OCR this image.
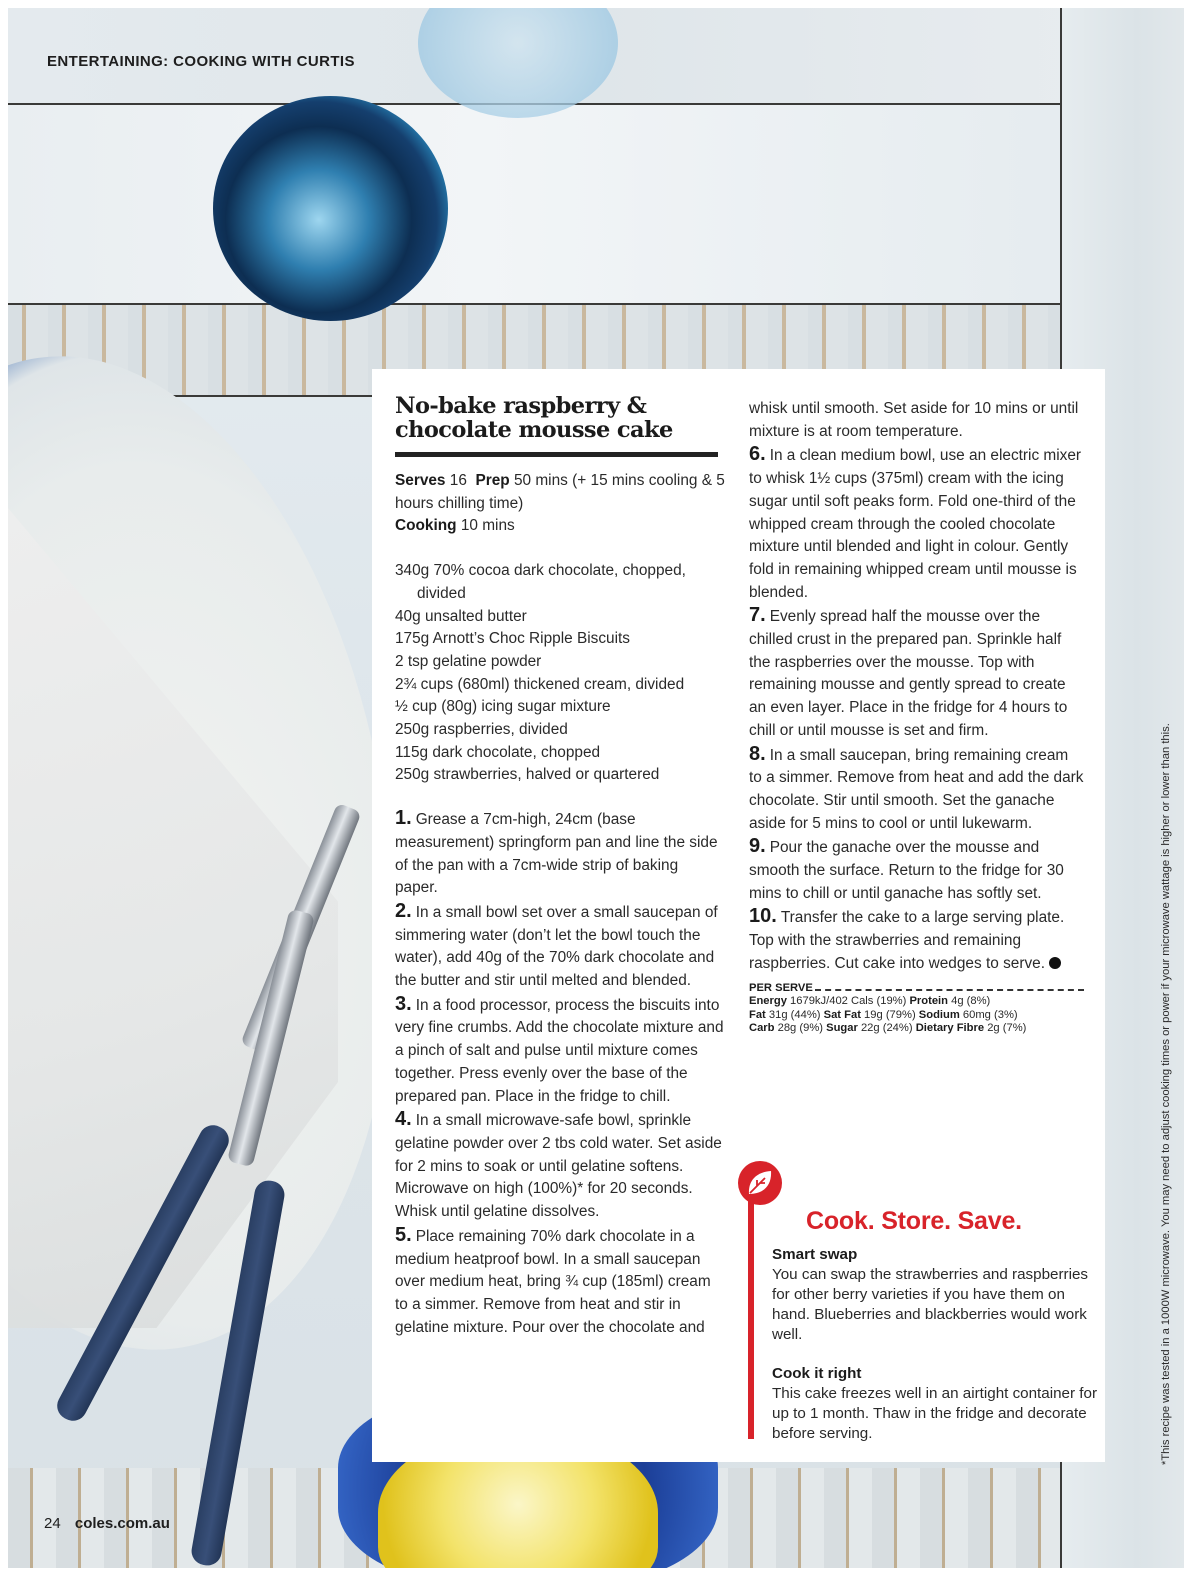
ENTERTAINING: COOKING WITH CURTIS
No-bake raspberry &
chocolate mousse cake
Serves 16 Prep 50 mins (+ 15 mins cooling & 5 hours chilling time)
Cooking 10 mins
340g 70% cocoa dark chocolate, chopped, divided
40g unsalted butter
175g Arnott’s Choc Ripple Biscuits
2 tsp gelatine powder
2¾ cups (680ml) thickened cream, divided
½ cup (80g) icing sugar mixture
250g raspberries, divided
115g dark chocolate, chopped
250g strawberries, halved or quartered
1. Grease a 7cm-high, 24cm (base measurement) springform pan and line the side of the pan with a 7cm-wide strip of baking paper.
2. In a small bowl set over a small saucepan of simmering water (don’t let the bowl touch the water), add 40g of the 70% dark chocolate and the butter and stir until melted and blended.
3. In a food processor, process the biscuits into very fine crumbs. Add the chocolate mixture and a pinch of salt and pulse until mixture comes together. Press evenly over the base of the prepared pan. Place in the fridge to chill.
4. In a small microwave-safe bowl, sprinkle gelatine powder over 2 tbs cold water. Set aside for 2 mins to soak or until gelatine softens. Microwave on high (100%)* for 20 seconds. Whisk until gelatine dissolves.
5. Place remaining 70% dark chocolate in a medium heatproof bowl. In a small saucepan over medium heat, bring ¾ cup (185ml) cream to a simmer. Remove from heat and stir in gelatine mixture. Pour over the chocolate and
whisk until smooth. Set aside for 10 mins or until mixture is at room temperature.
6. In a clean medium bowl, use an electric mixer to whisk 1½ cups (375ml) cream with the icing sugar until soft peaks form. Fold one-third of the whipped cream through the cooled chocolate mixture until blended and light in colour. Gently fold in remaining whipped cream until mousse is blended.
7. Evenly spread half the mousse over the chilled crust in the prepared pan. Sprinkle half the raspberries over the mousse. Top with remaining mousse and gently spread to create an even layer. Place in the fridge for 4 hours to chill or until mousse is set and firm.
8. In a small saucepan, bring remaining cream to a simmer. Remove from heat and add the dark chocolate. Stir until smooth. Set the ganache aside for 5 mins to cool or until lukewarm.
9. Pour the ganache over the mousse and smooth the surface. Return to the fridge for 30 mins to chill or until ganache has softly set.
10. Transfer the cake to a large serving plate. Top with the strawberries and remaining raspberries. Cut cake into wedges to serve.
PER SERVE
Energy 1679kJ/402 Cals (19%) Protein 4g (8%)
Fat 31g (44%) Sat Fat 19g (79%) Sodium 60mg (3%)
Carb 28g (9%) Sugar 22g (24%) Dietary Fibre 2g (7%)
Cook. Store. Save.
Smart swap
You can swap the strawberries and raspberries for other berry varieties if you have them on hand. Blueberries and blackberries would work well.
Cook it right
This cake freezes well in an airtight container for up to 1 month. Thaw in the fridge and decorate before serving.	*This recipe was tested in a 1000W microwave. You may need to adjust cooking times or power if your microwave wattage is higher or lower than this.
24 coles.com.au
